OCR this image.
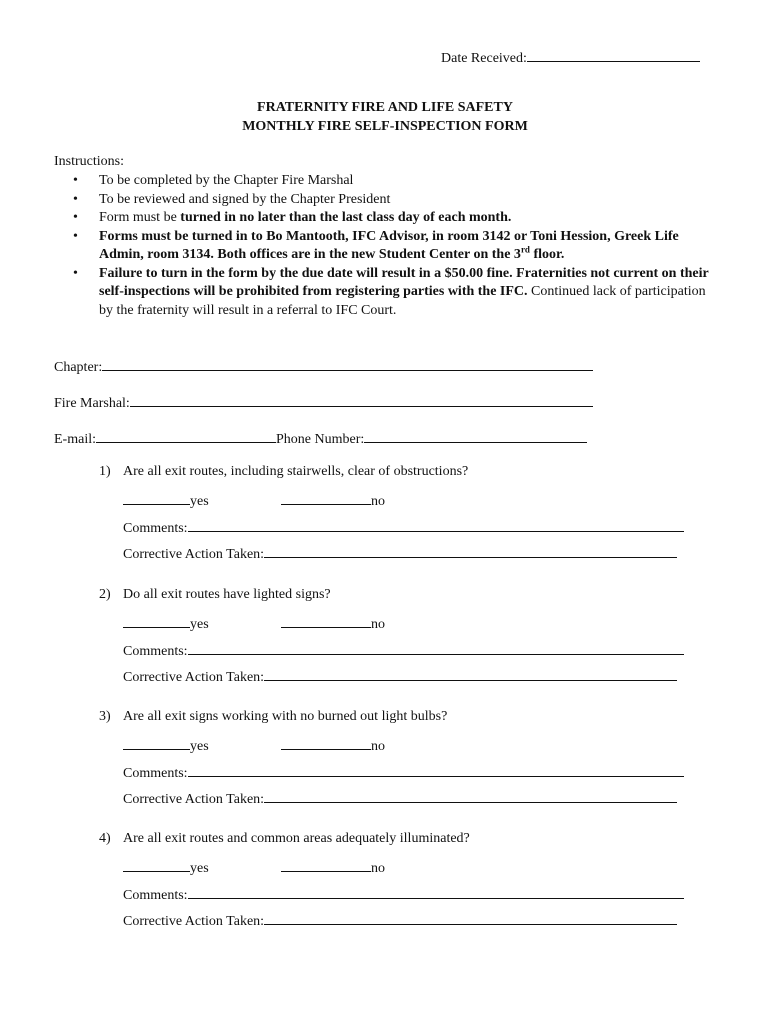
Date Received:
FRATERNITY FIRE AND LIFE SAFETY
MONTHLY FIRE SELF-INSPECTION FORM
Instructions:
• To be completed by the Chapter Fire Marshal
• To be reviewed and signed by the Chapter President
• Form must be turned in no later than the last class day of each month.
• Forms must be turned in to Bo Mantooth, IFC Advisor, in room 3142 or Toni Hession, Greek Life Admin, room 3134. Both offices are in the new Student Center on the 3rd floor.
• Failure to turn in the form by the due date will result in a $50.00 fine. Fraternities not current on their self-inspections will be prohibited from registering parties with the IFC. Continued lack of participation by the fraternity will result in a referral to IFC Court.
Chapter:
Fire Marshal:
E-mail:	Phone Number:
1) Are all exit routes, including stairwells, clear of obstructions?
yes	no
Comments:
Corrective Action Taken:
2) Do all exit routes have lighted signs?
yes	no
Comments:
Corrective Action Taken:
3) Are all exit signs working with no burned out light bulbs?
yes	no
Comments:
Corrective Action Taken:
4) Are all exit routes and common areas adequately illuminated?
yes	no
Comments:
Corrective Action Taken:
